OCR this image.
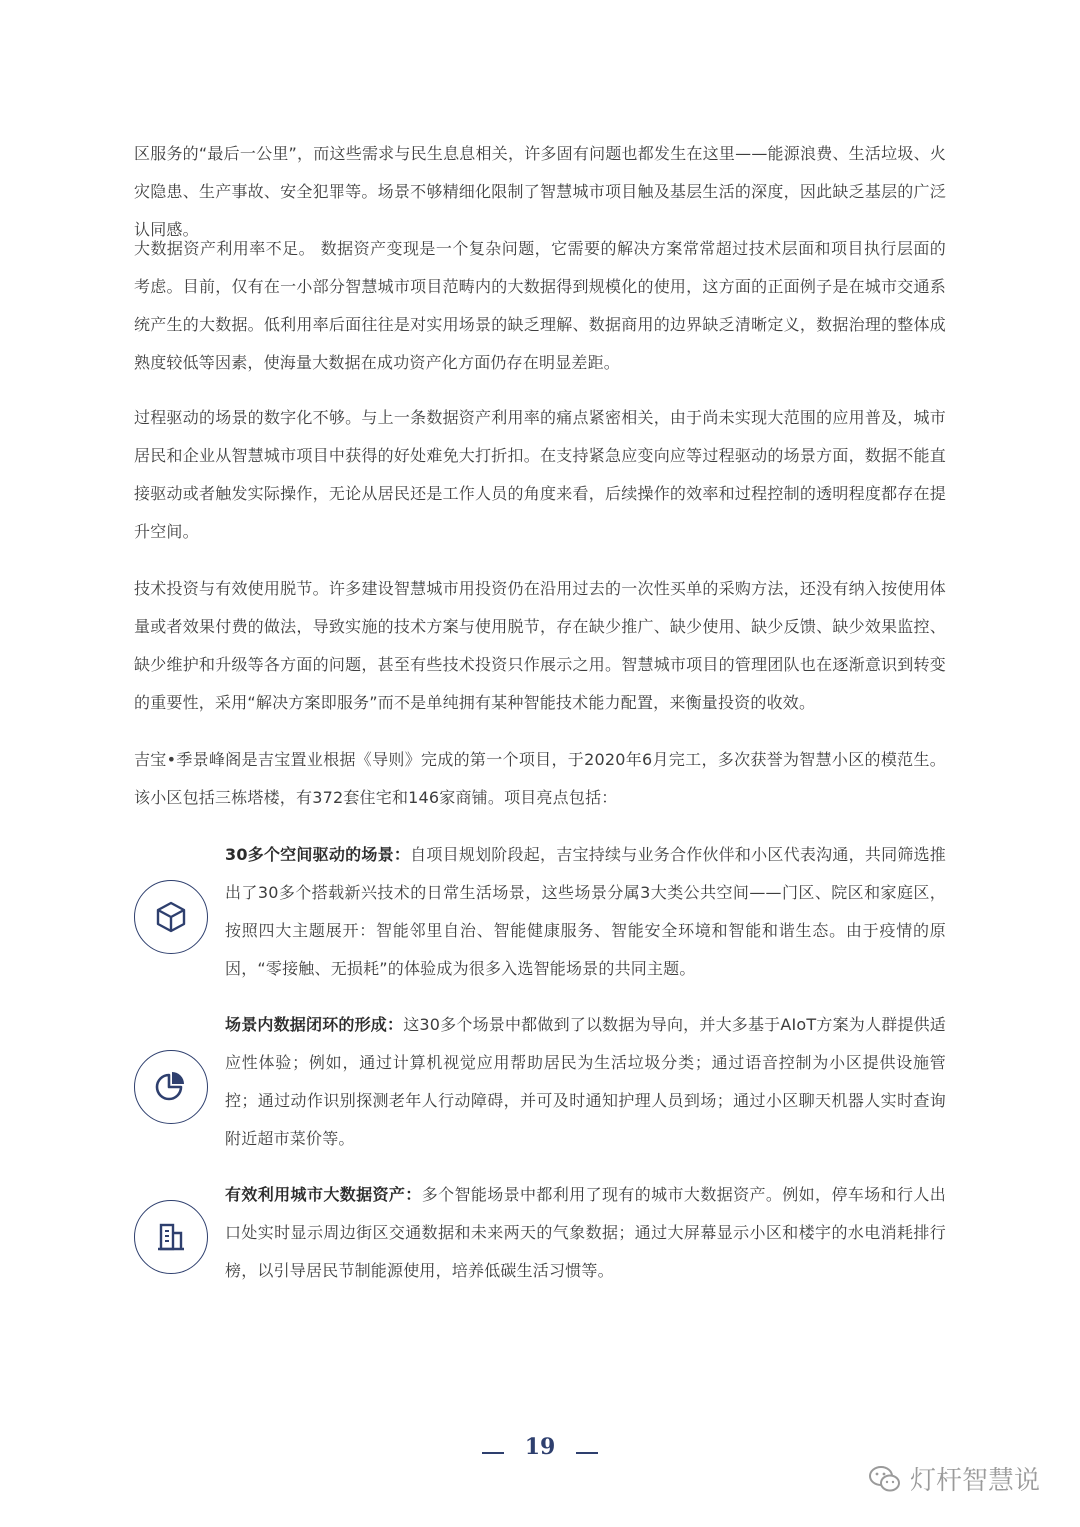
区服务的“最后一公里”，而这些需求与民生息息相关，许多固有问题也都发生在这里——能源浪费、生活垃圾、火灾隐患、生产事故、安全犯罪等。场景不够精细化限制了智慧城市项目触及基层生活的深度，因此缺乏基层的广泛认同感。

大数据资产利用率不足。 数据资产变现是一个复杂问题，它需要的解决方案常常超过技术层面和项目执行层面的考虑。目前，仅有在一小部分智慧城市项目范畴内的大数据得到规模化的使用，这方面的正面例子是在城市交通系统产生的大数据。低利用率后面往往是对实用场景的缺乏理解、数据商用的边界缺乏清晰定义，数据治理的整体成熟度较低等因素，使海量大数据在成功资产化方面仍存在明显差距。

过程驱动的场景的数字化不够。与上一条数据资产利用率的痛点紧密相关，由于尚未实现大范围的应用普及，城市居民和企业从智慧城市项目中获得的好处难免大打折扣。在支持紧急应变向应等过程驱动的场景方面，数据不能直接驱动或者触发实际操作，无论从居民还是工作人员的角度来看，后续操作的效率和过程控制的透明程度都存在提升空间。

技术投资与有效使用脱节。许多建设智慧城市用投资仍在沿用过去的一次性买单的采购方法，还没有纳入按使用体量或者效果付费的做法，导致实施的技术方案与使用脱节，存在缺少推广、缺少使用、缺少反馈、缺少效果监控、缺少维护和升级等各方面的问题，甚至有些技术投资只作展示之用。智慧城市项目的管理团队也在逐渐意识到转变的重要性，采用“解决方案即服务”而不是单纯拥有某种智能技术能力配置，来衡量投资的收效。

吉宝•季景峰阁是吉宝置业根据《导则》完成的第一个项目，于2020年6月完工，多次获誉为智慧小区的模范生。该小区包括三栋塔楼，有372套住宅和146家商铺。项目亮点包括：

30多个空间驱动的场景：自项目规划阶段起，吉宝持续与业务合作伙伴和小区代表沟通，共同筛选推出了30多个搭载新兴技术的日常生活场景，这些场景分属3大类公共空间——门区、院区和家庭区，按照四大主题展开：智能邻里自治、智能健康服务、智能安全环境和智能和谐生态。由于疫情的原因，“零接触、无损耗”的体验成为很多入选智能场景的共同主题。

场景内数据闭环的形成：这30多个场景中都做到了以数据为导向，并大多基于AIoT方案为人群提供适应性体验；例如，通过计算机视觉应用帮助居民为生活垃圾分类；通过语音控制为小区提供设施管控；通过动作识别探测老年人行动障碍，并可及时通知护理人员到场；通过小区聊天机器人实时查询附近超市菜价等。

有效利用城市大数据资产：多个智能场景中都利用了现有的城市大数据资产。例如，停车场和行人出口处实时显示周边街区交通数据和未来两天的气象数据；通过大屏幕显示小区和楼宇的水电消耗排行榜，以引导居民节制能源使用，培养低碳生活习惯等。

19
灯杆智慧说
